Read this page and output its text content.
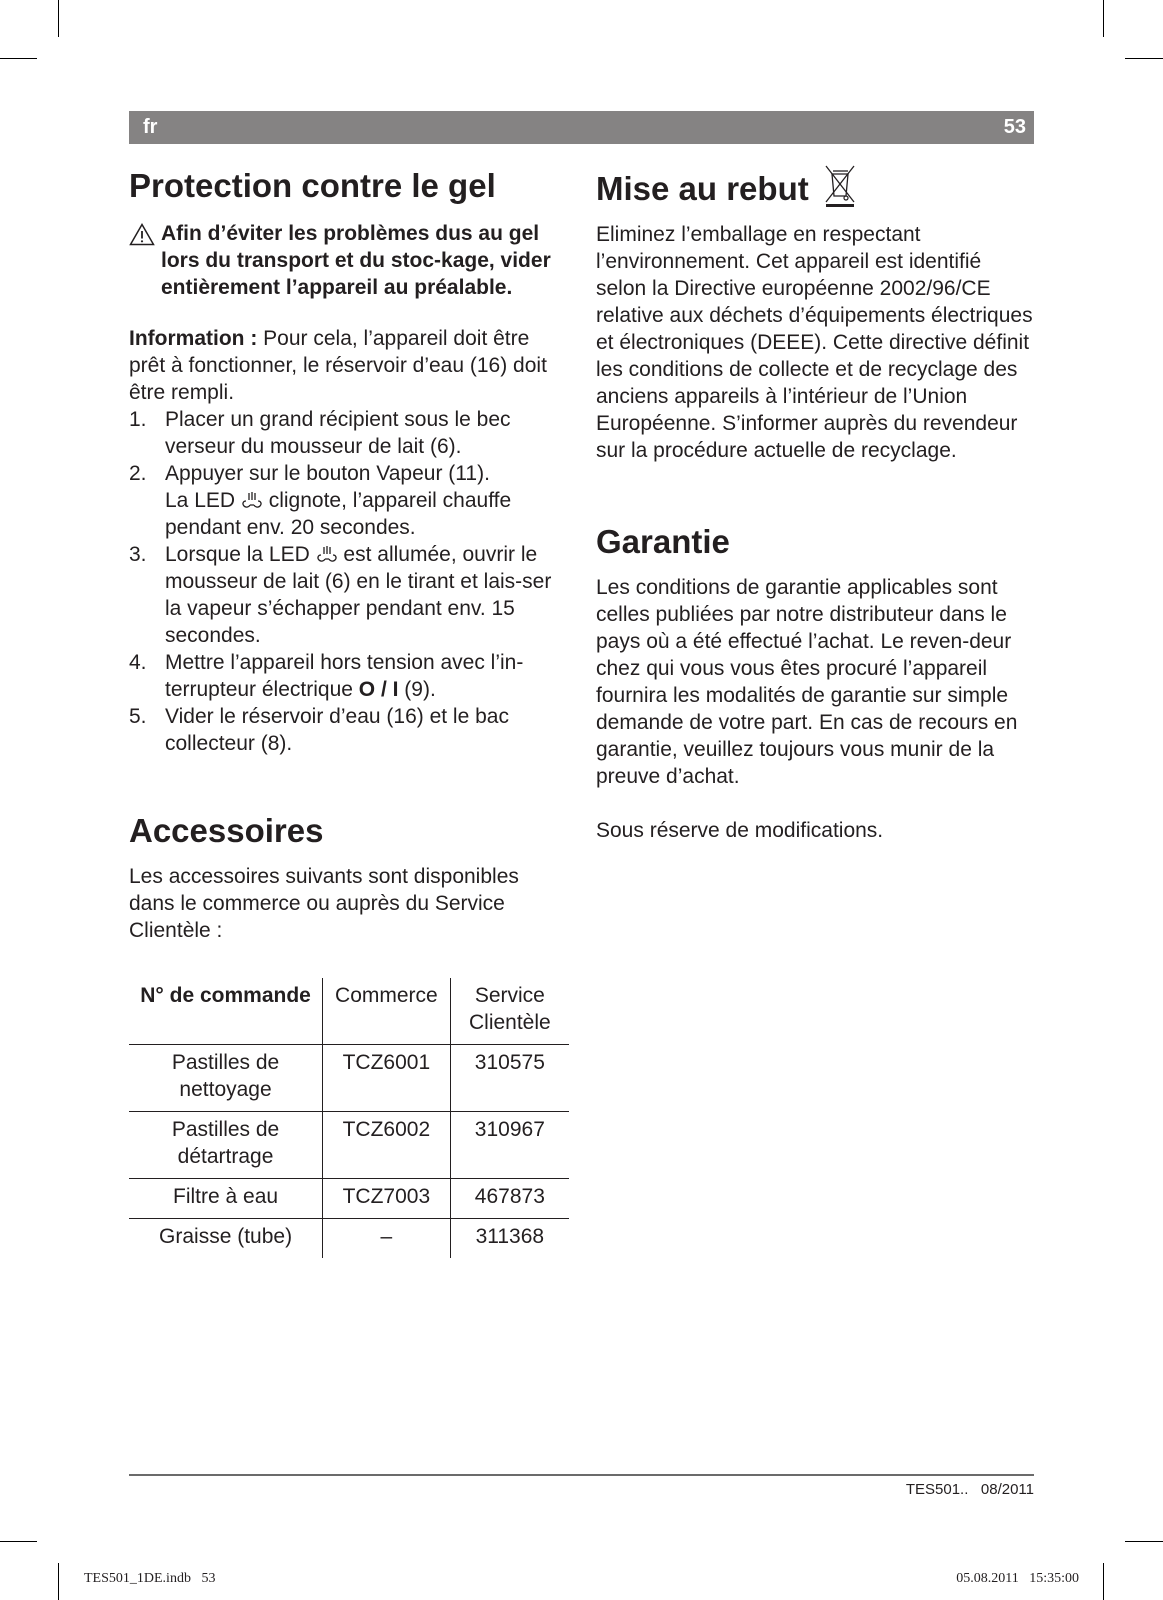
fr	53
Protection contre le gel

Afin d’éviter les problèmes dus au gel lors du transport et du stoc-kage, vider entièrement l’appareil au préalable.

Information : Pour cela, l’appareil doit être prêt à fonctionner, le réservoir d’eau (16) doit être rempli.

1. Placer un grand récipient sous le bec verseur du mousseur de lait (6).
2. Appuyer sur le bouton Vapeur (11).
La LED  clignote, l’appareil chauffe pendant env. 20 secondes.
3. Lorsque la LED  est allumée, ouvrir le mousseur de lait (6) en le tirant et lais-ser la vapeur s’échapper pendant env. 15 secondes.
4. Mettre l’appareil hors tension avec l’in-terrupteur électrique O / I (9).
5. Vider le réservoir d’eau (16) et le bac collecteur (8).
Accessoires

Les accessoires suivants sont disponibles dans le commerce ou auprès du Service Clientèle :

N° de commande	Commerce	Service Clientèle
Pastilles de nettoyage	TCZ6001	310575
Pastilles de détartrage	TCZ6002	310967
Filtre à eau	TCZ7003	467873
Graisse (tube)	–	311368
Mise au rebut

Eliminez l’emballage en respectant l’environnement. Cet appareil est identifié selon la Directive européenne 2002/96/CE relative aux déchets d’équipements électriques et électroniques (DEEE). Cette directive définit les conditions de collecte et de recyclage des anciens appareils à l’intérieur de l’Union Européenne. S’informer auprès du revendeur sur la procédure actuelle de recyclage.

Garantie

Les conditions de garantie applicables sont celles publiées par notre distributeur dans le pays où a été effectué l’achat. Le reven-deur chez qui vous vous êtes procuré l’appareil fournira les modalités de garantie sur simple demande de votre part. En cas de recours en garantie, veuillez toujours vous munir de la preuve d’achat.

Sous réserve de modifications.

TES501..   08/2011
TES501_1DE.indb   53	05.08.2011   15:35:00
